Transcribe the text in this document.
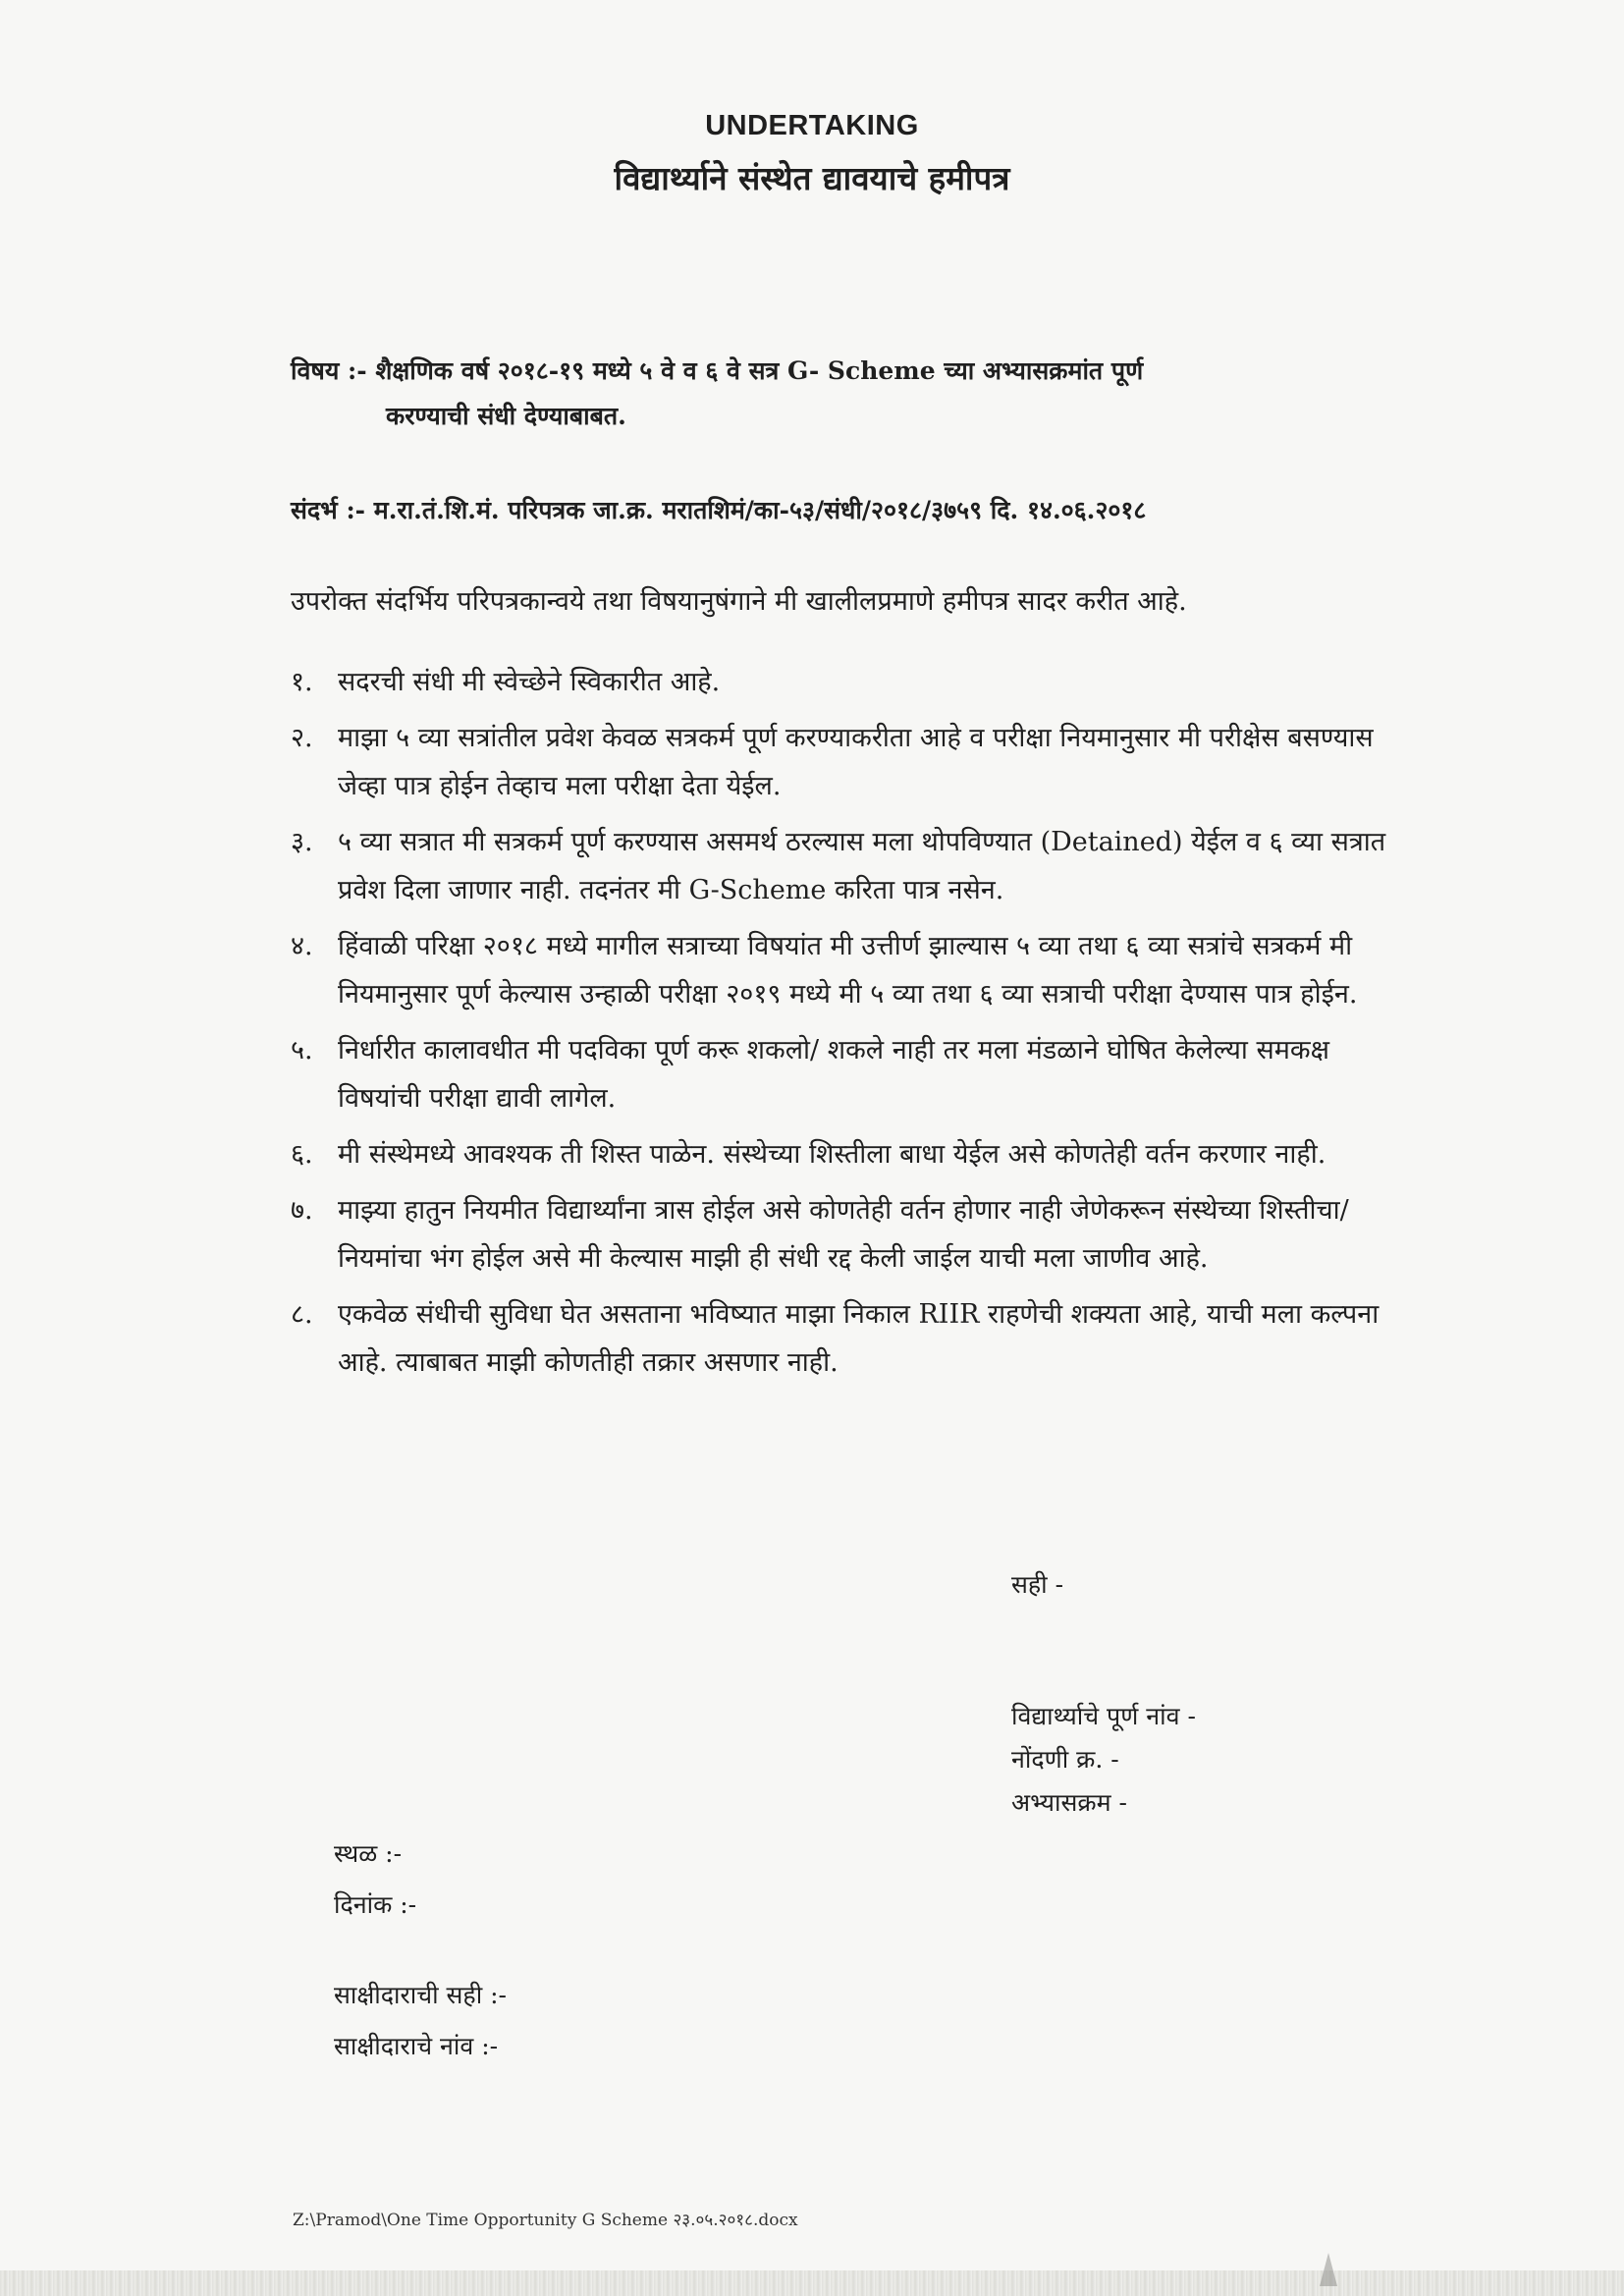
UNDERTAKING
विद्यार्थ्याने संस्थेत द्यावयाचे हमीपत्र
विषय :- शैक्षणिक वर्ष २०१८-१९ मध्ये ५ वे व ६ वे सत्र G- Scheme च्या अभ्यासक्रमांत पूर्ण
करण्याची संधी देण्याबाबत.
संदर्भ :- म.रा.तं.शि.मं. परिपत्रक जा.क्र. मरातशिमं/का-५३/संधी/२०१८/३७५९ दि. १४.०६.२०१८
उपरोक्त संदर्भिय परिपत्रकान्वये तथा विषयानुषंगाने मी खालीलप्रमाणे हमीपत्र सादर करीत आहे.
१. सदरची संधी मी स्वेच्छेने स्विकारीत आहे.
२. माझा ५ व्या सत्रांतील प्रवेश केवळ सत्रकर्म पूर्ण करण्याकरीता आहे व परीक्षा नियमानुसार मी परीक्षेस बसण्यास जेव्हा पात्र होईन तेव्हाच मला परीक्षा देता येईल.
३. ५ व्या सत्रात मी सत्रकर्म पूर्ण करण्यास असमर्थ ठरल्यास मला थोपविण्यात (Detained) येईल व ६ व्या सत्रात प्रवेश दिला जाणार नाही. तदनंतर मी G-Scheme करिता पात्र नसेन.
४. हिंवाळी परिक्षा २०१८ मध्ये मागील सत्राच्या विषयांत मी उत्तीर्ण झाल्यास ५ व्या तथा ६ व्या सत्रांचे सत्रकर्म मी नियमानुसार पूर्ण केल्यास उन्हाळी परीक्षा २०१९ मध्ये मी ५ व्या तथा ६ व्या सत्राची परीक्षा देण्यास पात्र होईन.
५. निर्धारीत कालावधीत मी पदविका पूर्ण करू शकलो/ शकले नाही तर मला मंडळाने घोषित केलेल्या समकक्ष विषयांची परीक्षा द्यावी लागेल.
६. मी संस्थेमध्ये आवश्यक ती शिस्त पाळेन. संस्थेच्या शिस्तीला बाधा येईल असे कोणतेही वर्तन करणार नाही.
७. माझ्या हातुन नियमीत विद्यार्थ्यांना त्रास होईल असे कोणतेही वर्तन होणार नाही जेणेकरून संस्थेच्या शिस्तीचा/नियमांचा भंग होईल असे मी केल्यास माझी ही संधी रद्द केली जाईल याची मला जाणीव आहे.
८. एकवेळ संधीची सुविधा घेत असताना भविष्यात माझा निकाल RIIR राहणेची शक्यता आहे, याची मला कल्पना आहे. त्याबाबत माझी कोणतीही तक्रार असणार नाही.
सही -
विद्यार्थ्याचे पूर्ण नांव -
नोंदणी क्र. -
अभ्यासक्रम -
स्थळ :-
दिनांक :-
साक्षीदाराची सही :-
साक्षीदाराचे नांव :-
Z:\Pramod\One Time Opportunity G Scheme २३.०५.२०१८.docx
